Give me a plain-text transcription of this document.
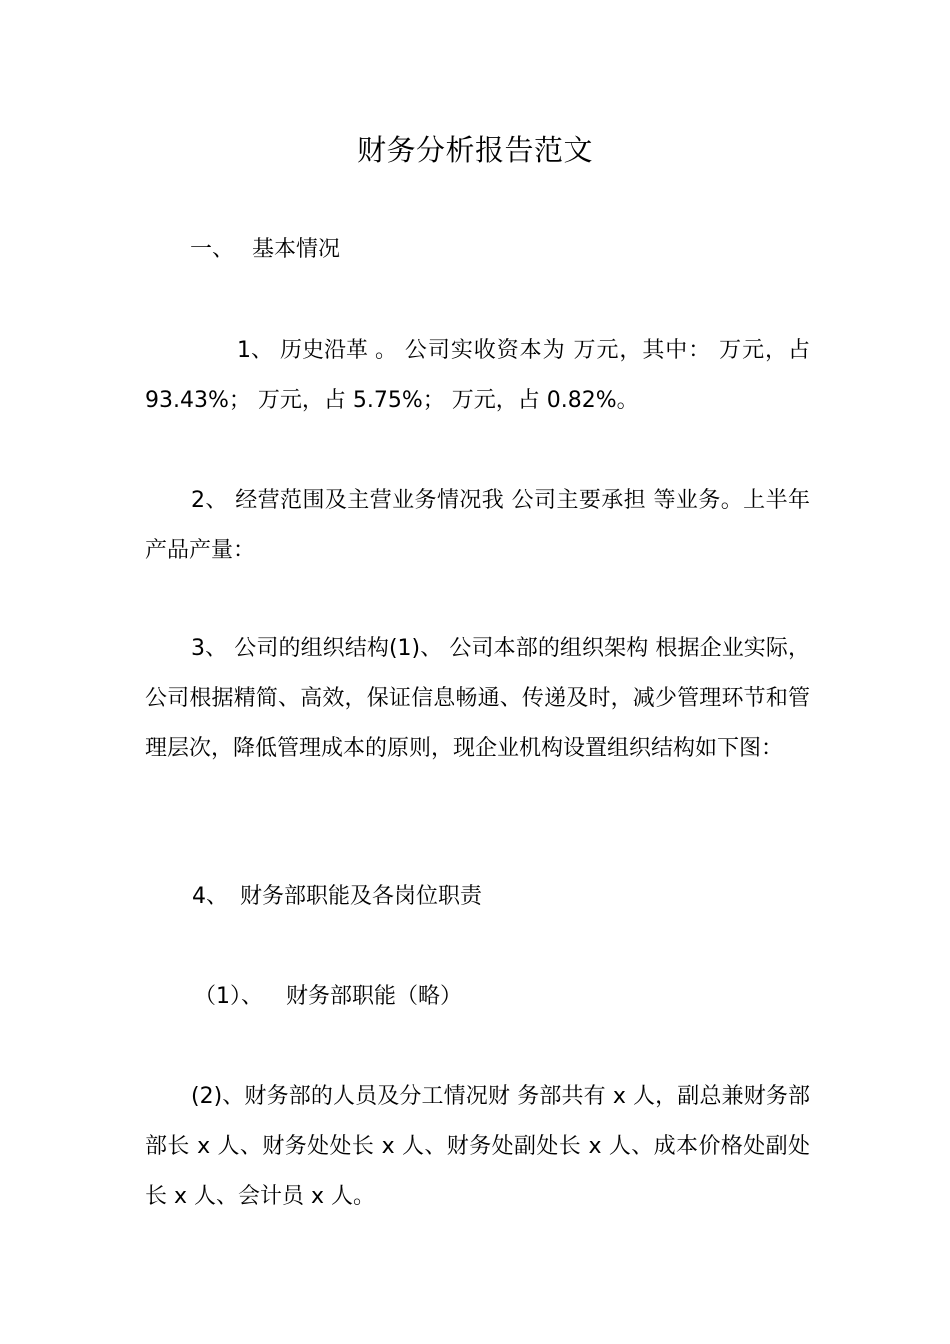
财务分析报告范文
一、 基本情况

1、 历史沿革 。 公司实收资本为 万元，其中： 万元，占 93.43%； 万元，占 5.75%； 万元，占 0.82%。

2、 经营范围及主营业务情况我 公司主要承担 等业务。上半年产品产量：

3、 公司的组织结构(1)、 公司本部的组织架构 根据企业实际，公司根据精简、高效，保证信息畅通、传递及时，减少管理环节和管理层次，降低管理成本的原则，现企业机构设置组织结构如下图：

4、 财务部职能及各岗位职责
（1）、 财务部职能（略）

(2)、财务部的人员及分工情况财 务部共有 x 人，副总兼财务部部长 x 人、财务处处长 x 人、财务处副处长 x 人、成本价格处副处长 x 人、会计员 x 人。
